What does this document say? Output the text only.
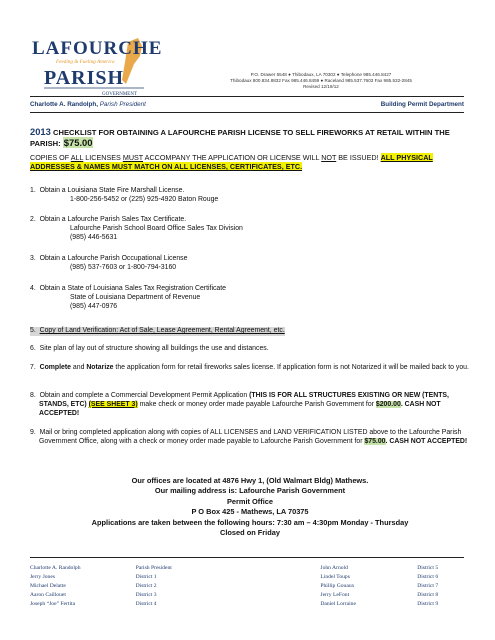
LAFOURCHE
Feeding & Fueling America
PARISH
GOVERNMENT
P.O. Drawer 5548 ● Thibodaux, LA 70302 ● Telephone 985.446.8427
Thibodaux 800.834.8832 Fax 985.446.8459 ● Raceland 985.537.7603 Fax 985.532-2845
Revised 12/19/12
Charlotte A. Randolph, Parish President	Building Permit Department
2013 CHECKLIST FOR OBTAINING A LAFOURCHE PARISH LICENSE TO SELL FIREWORKS AT RETAIL WITHIN THE PARISH: $75.00
COPIES OF ALL LICENSES MUST ACCOMPANY THE APPLICATION OR LICENSE WILL NOT BE ISSUED! ALL PHYSICAL ADDRESSES & NAMES MUST MATCH ON ALL LICENSES, CERTIFICATES, ETC.

1. Obtain a Louisiana State Fire Marshall License.

1-800-256-5452 or (225) 925-4920 Baton Rouge

2. Obtain a Lafourche Parish Sales Tax Certificate.

Lafourche Parish School Board Office Sales Tax Division

(985) 446-5631

3. Obtain a Lafourche Parish Occupational License

(985) 537-7603 or 1-800-794-3160

4. Obtain a State of Louisiana Sales Tax Registration Certificate

State of Louisiana Department of Revenue

(985) 447-0976

5. Copy of Land Verification: Act of Sale, Lease Agreement, Rental Agreement, etc.

6. Site plan of lay out of structure showing all buildings the use and distances.

7. Complete and Notarize the application form for retail fireworks sales license. If application form is not Notarized it will be mailed back to you.

8. Obtain and complete a Commercial Development Permit Application (THIS IS FOR ALL STRUCTURES EXISTING OR NEW (TENTS, STANDS, ETC) (SEE SHEET 3) make check or money order made payable Lafourche Parish Government for $200.00. CASH NOT ACCEPTED!

9. Mail or bring completed application along with copies of ALL LICENSES and LAND VERIFICATION LISTED above to the Lafourche Parish Government Office, along with a check or money order made payable to Lafourche Parish Government for $75.00. CASH NOT ACCEPTED!

Our offices are located at 4876 Hwy 1, (Old Walmart Bldg) Mathews.
Our mailing address is: Lafourche Parish Government
Permit Office
P O Box 425 - Mathews, LA 70375
Applications are taken between the following hours: 7:30 am – 4:30pm Monday - Thursday
Closed on Friday
Charlotte A. Randolph	Parish President	John Arnold	District 5
Jerry Jones	District 1	Lindel Toups	District 6
Michael Delatte	District 2	Phillip Gouaux	District 7
Aaron Caillouet	District 3	Jerry LeFont	District 8
Joseph “Joe” Fertita	District 4	Daniel Lorraine	District 9
